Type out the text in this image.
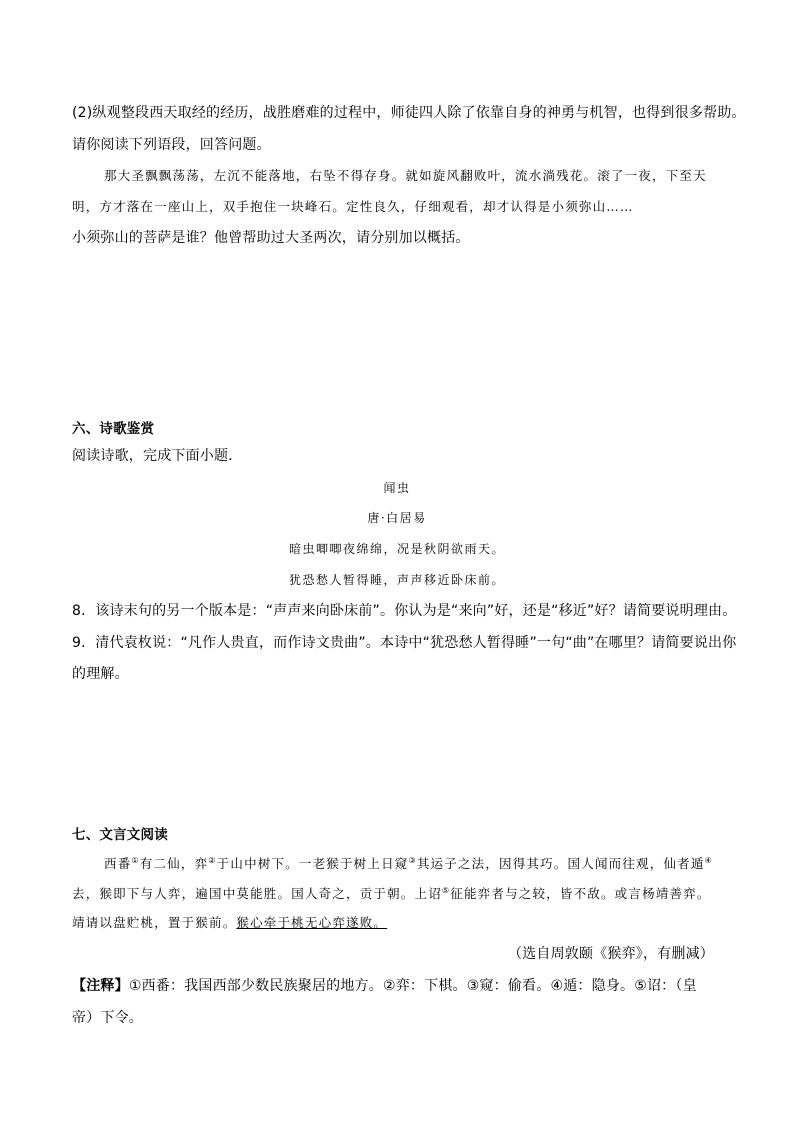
(2)纵观整段西天取经的经历，战胜磨难的过程中，师徒四人除了依靠自身的神勇与机智，也得到很多帮助。
请你阅读下列语段，回答问题。
那大圣飘飘荡荡，左沉不能落地，右坠不得存身。就如旋风翻败叶，流水淌残花。滚了一夜，下至天
明，方才落在一座山上，双手抱住一块峰石。定性良久，仔细观看，却才认得是小须弥山……
小须弥山的菩萨是谁？他曾帮助过大圣两次，请分别加以概括。
六、诗歌鉴赏
阅读诗歌，完成下面小题．
闻虫
唐·白居易
暗虫唧唧夜绵绵，况是秋阴欲雨天。
犹恐愁人暂得睡，声声移近卧床前。
8．该诗末句的另一个版本是：“声声来向卧床前”。你认为是“来向”好，还是“移近”好？请简要说明理由。
9．清代袁枚说：“凡作人贵直，而作诗文贵曲”。本诗中“犹恐愁人暂得睡”一句“曲”在哪里？请简要说出你
的理解。
七、文言文阅读
西番①有二仙，弈②于山中树下。一老猴于树上日窥③其运子之法，因得其巧。国人闻而往观，仙者遁④
去，猴即下与人弈，遍国中莫能胜。国人奇之，贡于朝。上诏⑤征能弈者与之较，皆不敌。或言杨靖善弈。
靖请以盘贮桃，置于猴前。猴心牵于桃无心弈遂败。
（选自周敦颐《猴弈》，有删减）
【注释】①西番：我国西部少数民族聚居的地方。②弈：下棋。③窥：偷看。④遁：隐身。⑤诏：（皇
帝）下令。
